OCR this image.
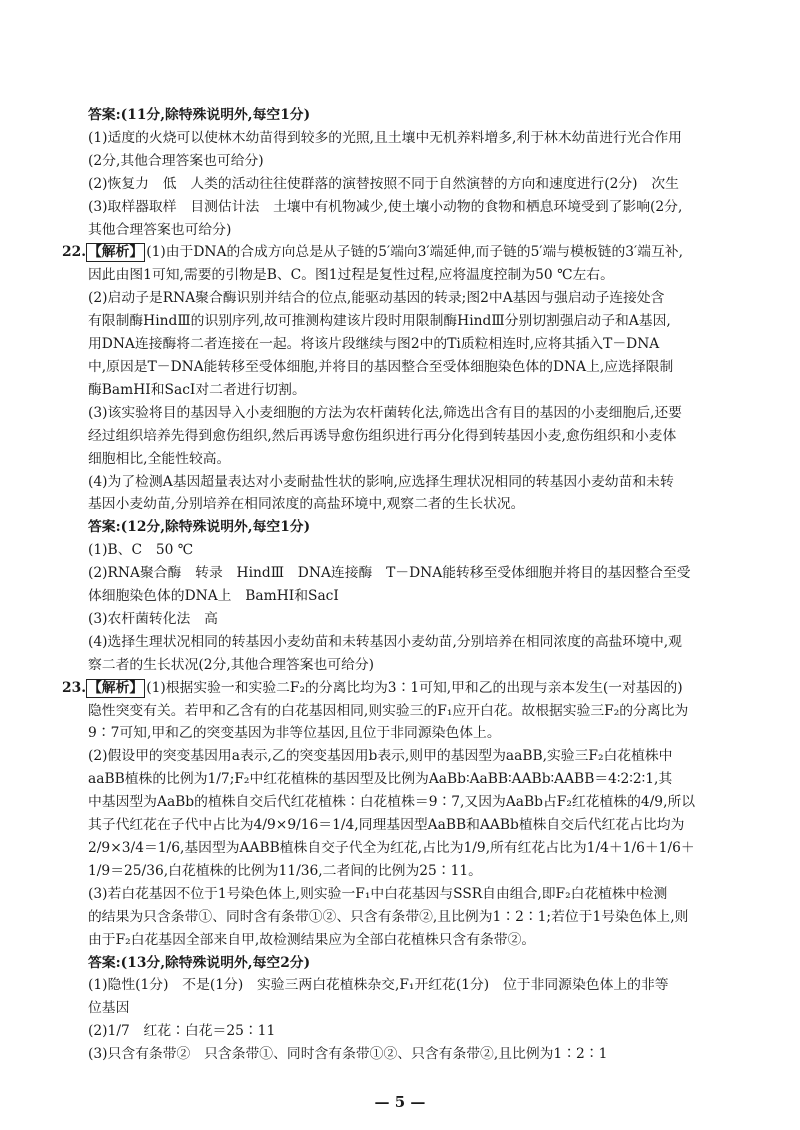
答案:(11分,除特殊说明外,每空1分)
(1)适度的火烧可以使林木幼苗得到较多的光照,且土壤中无机养料增多,利于林木幼苗进行光合作用
(2分,其他合理答案也可给分)
(2)恢复力　低　人类的活动往往使群落的演替按照不同于自然演替的方向和速度进行(2分)　次生
(3)取样器取样　目测估计法　土壤中有机物减少,使土壤小动物的食物和栖息环境受到了影响(2分,
其他合理答案也可给分)
22. 【解析】 (1)由于DNA的合成方向总是从子链的5′端向3′端延伸,而子链的5′端与模板链的3′端互补,
因此由图1可知,需要的引物是B、C。图1过程是复性过程,应将温度控制为50 ℃左右。
(2)启动子是RNA聚合酶识别并结合的位点,能驱动基因的转录;图2中A基因与强启动子连接处含
有限制酶HindⅢ的识别序列,故可推测构建该片段时用限制酶HindⅢ分别切割强启动子和A基因,
用DNA连接酶将二者连接在一起。将该片段继续与图2中的Ti质粒相连时,应将其插入T－DNA
中,原因是T－DNA能转移至受体细胞,并将目的基因整合至受体细胞染色体的DNA上,应选择限制
酶BamHⅠ和SacⅠ对二者进行切割。
(3)该实验将目的基因导入小麦细胞的方法为农杆菌转化法,筛选出含有目的基因的小麦细胞后,还要
经过组织培养先得到愈伤组织,然后再诱导愈伤组织进行再分化得到转基因小麦,愈伤组织和小麦体
细胞相比,全能性较高。
(4)为了检测A基因超量表达对小麦耐盐性状的影响,应选择生理状况相同的转基因小麦幼苗和未转
基因小麦幼苗,分别培养在相同浓度的高盐环境中,观察二者的生长状况。
答案:(12分,除特殊说明外,每空1分)
(1)B、C　50 ℃
(2)RNA聚合酶　转录　HindⅢ　DNA连接酶　T－DNA能转移至受体细胞并将目的基因整合至受
体细胞染色体的DNA上　BamHⅠ和SacⅠ
(3)农杆菌转化法　高
(4)选择生理状况相同的转基因小麦幼苗和未转基因小麦幼苗,分别培养在相同浓度的高盐环境中,观
察二者的生长状况(2分,其他合理答案也可给分)
23. 【解析】 (1)根据实验一和实验二F₂的分离比均为3∶1可知,甲和乙的出现与亲本发生(一对基因的)
隐性突变有关。若甲和乙含有的白花基因相同,则实验三的F₁应开白花。故根据实验三F₂的分离比为
9∶7可知,甲和乙的突变基因为非等位基因,且位于非同源染色体上。
(2)假设甲的突变基因用a表示,乙的突变基因用b表示,则甲的基因型为aaBB,实验三F₂白花植株中
aaBB植株的比例为1/7;F₂中红花植株的基因型及比例为AaBb∶AaBB∶AABb∶AABB＝4∶2∶2∶1,其
中基因型为AaBb的植株自交后代红花植株∶白花植株＝9∶7,又因为AaBb占F₂红花植株的4/9,所以
其子代红花在子代中占比为4/9×9/16＝1/4,同理基因型AaBB和AABb植株自交后代红花占比均为
2/9×3/4＝1/6,基因型为AABB植株自交子代全为红花,占比为1/9,所有红花占比为1/4＋1/6＋1/6＋
1/9＝25/36,白花植株的比例为11/36,二者间的比例为25∶11。
(3)若白花基因不位于1号染色体上,则实验一F₁中白花基因与SSR自由组合,即F₂白花植株中检测
的结果为只含条带①、同时含有条带①②、只含有条带②,且比例为1∶2∶1;若位于1号染色体上,则
由于F₂白花基因全部来自甲,故检测结果应为全部白花植株只含有条带②。
答案:(13分,除特殊说明外,每空2分)
(1)隐性(1分)　不是(1分)　实验三两白花植株杂交,F₁开红花(1分)　位于非同源染色体上的非等
位基因
(2)1/7　红花∶白花＝25∶11
(3)只含有条带②　只含条带①、同时含有条带①②、只含有条带②,且比例为1∶2∶1
— 5 —
